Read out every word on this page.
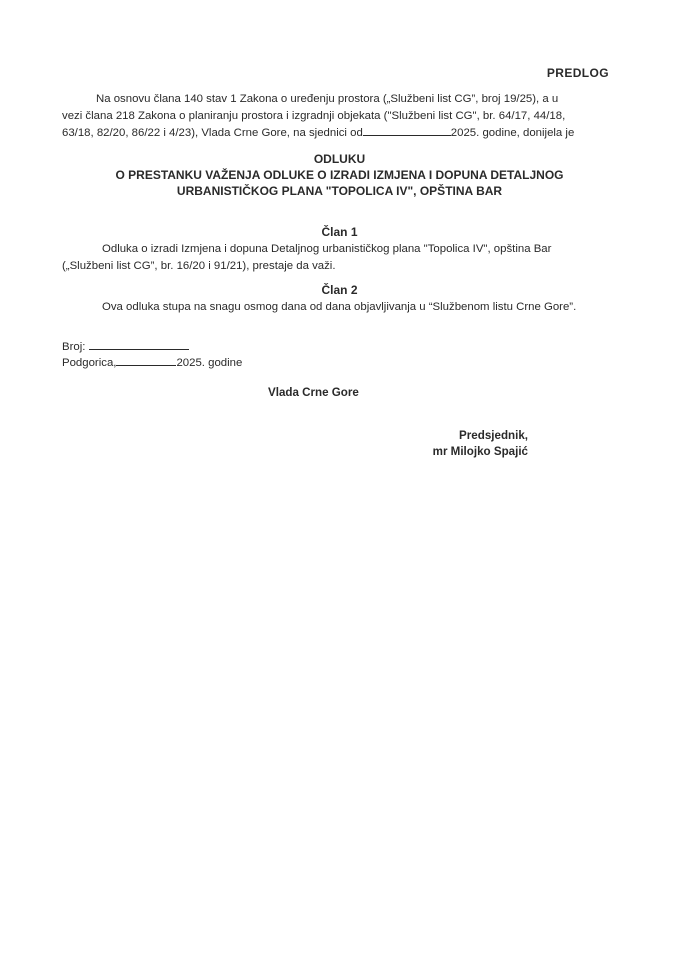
PREDLOG

Na osnovu člana 140 stav 1 Zakona o uređenju prostora („Službeni list CG”, broj 19/25), a u

vezi člana 218 Zakona o planiranju prostora i izgradnji objekata ("Službeni list CG", br. 64/17, 44/18,
63/18, 82/20, 86/22 i 4/23), Vlada Crne Gore, na sjednici od	2025. godine, donijela je
ODLUKU
O PRESTANKU VAŽENJA ODLUKE O IZRADI IZMJENA I DOPUNA DETALJNOG
URBANISTIČKOG PLANA "TOPOLICA IV", OPŠTINA BAR
Član 1
Odluka o izradi Izmjena i dopuna Detaljnog urbanističkog plana "Topolica IV", opština Bar
(„Službeni list CG”, br. 16/20 i 91/21), prestaje da važi.
Član 2
Ova odluka stupa na snagu osmog dana od dana objavljivanja u “Službenom listu Crne Gore”.
Broj:
Podgorica,	2025. godine
Vlada Crne Gore
Predsjednik,
mr Milojko Spajić
